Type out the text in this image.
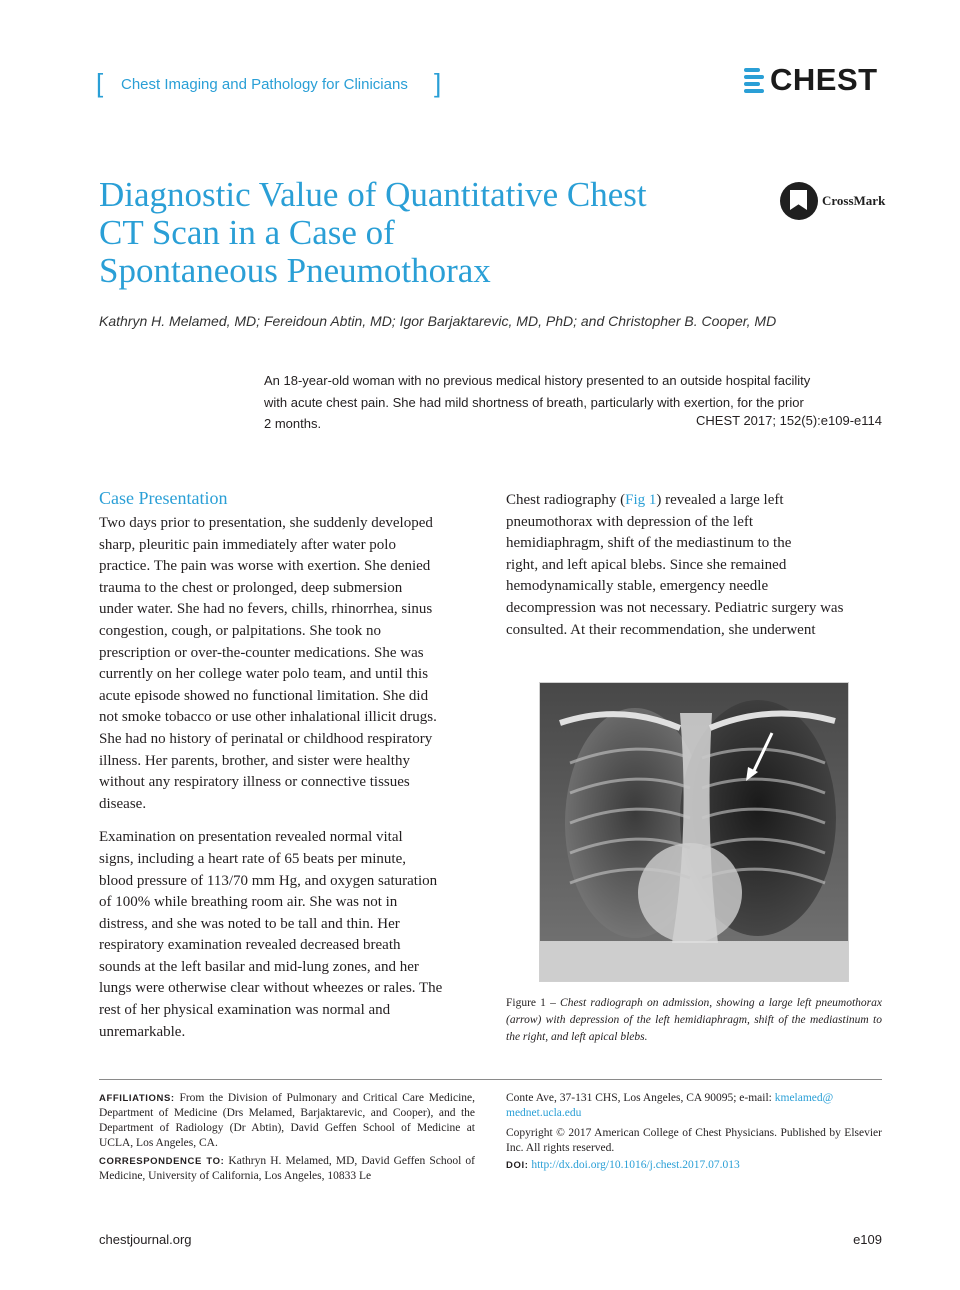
[ Chest Imaging and Pathology for Clinicians ]	CHEST
Diagnostic Value of Quantitative Chest
CT Scan in a Case of
Spontaneous Pneumothorax
CrossMark
Kathryn H. Melamed, MD; Fereidoun Abtin, MD; Igor Barjaktarevic, MD, PhD; and Christopher B. Cooper, MD
An 18-year-old woman with no previous medical history presented to an outside hospital facility
with acute chest pain. She had mild shortness of breath, particularly with exertion, for the prior
2 months.	CHEST 2017; 152(5):e109-e114
Case Presentation
Two days prior to presentation, she suddenly developed
sharp, pleuritic pain immediately after water polo
practice. The pain was worse with exertion. She denied
trauma to the chest or prolonged, deep submersion
under water. She had no fevers, chills, rhinorrhea, sinus
congestion, cough, or palpitations. She took no
prescription or over-the-counter medications. She was
currently on her college water polo team, and until this
acute episode showed no functional limitation. She did
not smoke tobacco or use other inhalational illicit drugs.
She had no history of perinatal or childhood respiratory
illness. Her parents, brother, and sister were healthy
without any respiratory illness or connective tissues
disease.
Examination on presentation revealed normal vital
signs, including a heart rate of 65 beats per minute,
blood pressure of 113/70 mm Hg, and oxygen saturation
of 100% while breathing room air. She was not in
distress, and she was noted to be tall and thin. Her
respiratory examination revealed decreased breath
sounds at the left basilar and mid-lung zones, and her
lungs were otherwise clear without wheezes or rales. The
rest of her physical examination was normal and
unremarkable.
Chest radiography (Fig 1) revealed a large left
pneumothorax with depression of the left
hemidiaphragm, shift of the mediastinum to the
right, and left apical blebs. Since she remained
hemodynamically stable, emergency needle
decompression was not necessary. Pediatric surgery was
consulted. At their recommendation, she underwent
Figure 1 – Chest radiograph on admission, showing a large left pneumothorax (arrow) with depression of the left hemidiaphragm, shift of the mediastinum to the right, and left apical blebs.
AFFILIATIONS: From the Division of Pulmonary and Critical Care Medicine, Department of Medicine (Drs Melamed, Barjaktarevic, and Cooper), and the Department of Radiology (Dr Abtin), David Geffen School of Medicine at UCLA, Los Angeles, CA.
CORRESPONDENCE TO: Kathryn H. Melamed, MD, David Geffen School of Medicine, University of California, Los Angeles, 10833 Le
Conte Ave, 37-131 CHS, Los Angeles, CA 90095; e-mail: kmelamed@
mednet.ucla.edu
Copyright © 2017 American College of Chest Physicians. Published by Elsevier Inc. All rights reserved.
DOI: http://dx.doi.org/10.1016/j.chest.2017.07.013
chestjournal.org	e109
